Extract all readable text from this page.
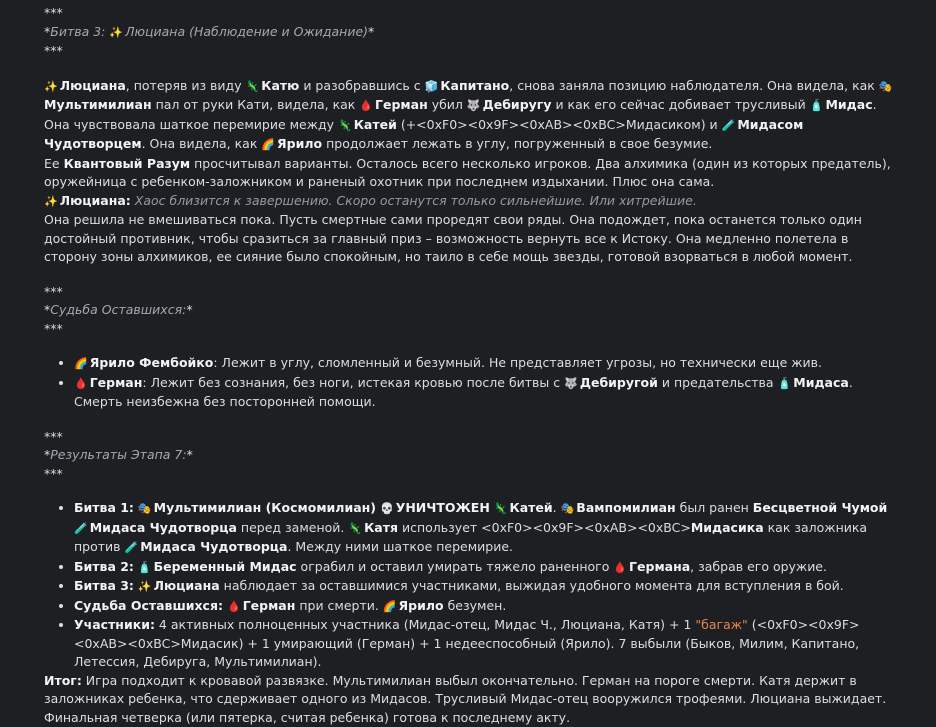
***

*Битва 3: ✨ Люциана (Наблюдение и Ожидание)*

***

✨ Люциана, потеряв из виду 🦎 Катю и разобравшись с 🧊 Капитано, снова заняла позицию наблюдателя. Она видела, как 🎭Мультимилиан пал от руки Кати, видела, как 🩸 Герман убил 🐺 Дебиругу и как его сейчас добивает трусливый 🧴 Мидас. Она чувствовала шаткое перемирие между 🦎 Катей (+<0xF0><0x9F><0xAB><0xBC>Мидасиком) и 🧪 Мидасом Чудотворцем. Она видела, как 🌈 Ярило продолжает лежать в углу, погруженный в свое безумие.

Ее Квантовый Разум просчитывал варианты. Осталось всего несколько игроков. Два алхимика (один из которых предатель), оружейница с ребенком-заложником и раненый охотник при последнем издыхании. Плюс она сама.

✨ Люциана: Хаос близится к завершению. Скоро останутся только сильнейшие. Или хитрейшие.

Она решила не вмешиваться пока. Пусть смертные сами проредят свои ряды. Она подождет, пока останется только один достойный противник, чтобы сразиться за главный приз – возможность вернуть все к Истоку. Она медленно полетела в сторону зоны алхимиков, ее сияние было спокойным, но таило в себе мощь звезды, готовой взорваться в любой момент.

***

*Судьба Оставшихся:*

***

• 🌈 Ярило Фембойко: Лежит в углу, сломленный и безумный. Не представляет угрозы, но технически еще жив.
• 🩸 Герман: Лежит без сознания, без ноги, истекая кровью после битвы с 🐺 Дебиругой и предательства 🧴 Мидаса. Смерть неизбежна без посторонней помощи.

***

*Результаты Этапа 7:*

***

• Битва 1: 🎭 Мультимилиан (Космомилиан) 💀 УНИЧТОЖЕН 🦎 Катей. 🎭 Вампомилиан был ранен Бесцветной Чумой 🧪 Мидаса Чудотворца перед заменой. 🦎 Катя использует <0xF0><0x9F><0xAB><0xBC>Мидасика как заложника против 🧪 Мидаса Чудотворца. Между ними шаткое перемирие.
• Битва 2: 🧴 Беременный Мидас ограбил и оставил умирать тяжело раненного 🩸 Германа, забрав его оружие.
• Битва 3: ✨ Люциана наблюдает за оставшимися участниками, выжидая удобного момента для вступления в бой.
• Судьба Оставшихся: 🩸 Герман при смерти. 🌈 Ярило безумен.
• Участники: 4 активных полноценных участника (Мидас-отец, Мидас Ч., Люциана, Катя) + 1 "багаж" (<0xF0><0x9F><0xAB><0xBC>Мидасик) + 1 умирающий (Герман) + 1 недееспособный (Ярило). 7 выбыли (Быков, Милим, Капитано, Летессия, Дебируга, Мультимилиан).

Итог: Игра подходит к кровавой развязке. Мультимилиан выбыл окончательно. Герман на пороге смерти. Катя держит в заложниках ребенка, что сдерживает одного из Мидасов. Трусливый Мидас-отец вооружился трофеями. Люциана выжидает. Финальная четверка (или пятерка, считая ребенка) готова к последнему акту.
